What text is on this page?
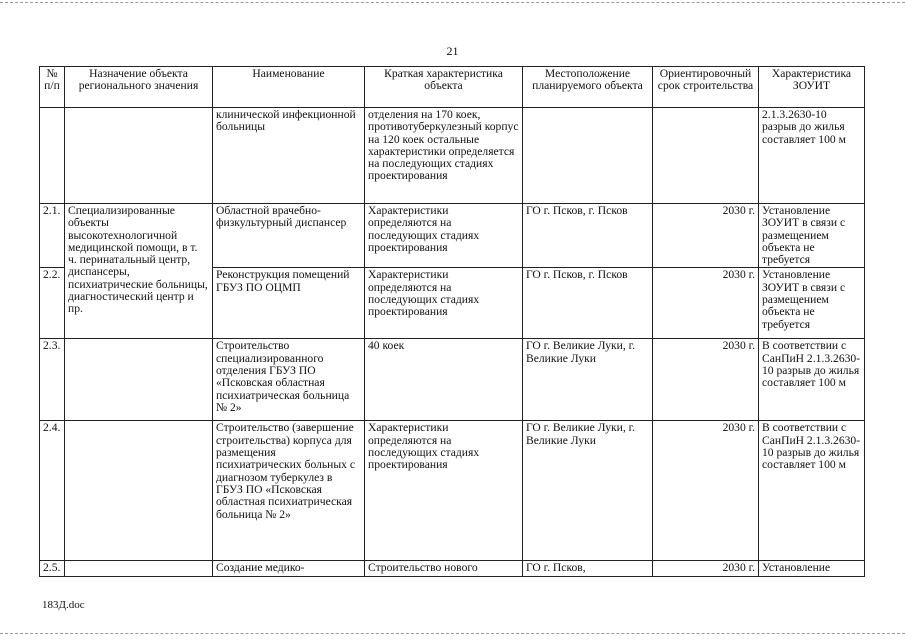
21
№ п/п	Назначение объекта регионального значения	Наименование	Краткая характеристика объекта	Местоположение планируемого объекта	Ориентировочный срок строительства	Характеристика ЗОУИТ
		клинической инфекционной больницы	отделения на 170 коек, противотуберкулезный корпус на 120 коек остальные характеристики определяется на последующих стадиях проектирования			2.1.3.2630-10 разрыв до жилья составляет 100 м
2.1.	Специализированные объекты высокотехнологичной медицинской помощи, в т. ч. перинатальный центр, диспансеры, психиатрические больницы, диагностический центр и пр.	Областной врачебно-физкультурный диспансер	Характеристики определяются на последующих стадиях проектирования	ГО г. Псков, г. Псков	2030 г.	Установление ЗОУИТ в связи с размещением объекта не требуется
2.2.		Реконструкция помещений ГБУЗ ПО ОЦМП	Характеристики определяются на последующих стадиях проектирования	ГО г. Псков, г. Псков	2030 г.	Установление ЗОУИТ в связи с размещением объекта не требуется
2.3.		Строительство специализированного отделения ГБУЗ ПО «Псковская областная психиатрическая больница № 2»	40 коек	ГО г. Великие Луки, г. Великие Луки	2030 г.	В соответствии с СанПиН 2.1.3.2630-10 разрыв до жилья составляет 100 м
2.4.		Строительство (завершение строительства) корпуса для размещения психиатрических больных с диагнозом туберкулез в ГБУЗ ПО «Псковская областная психиатрическая больница № 2»	Характеристики определяются на последующих стадиях проектирования	ГО г. Великие Луки, г. Великие Луки	2030 г.	В соответствии с СанПиН 2.1.3.2630-10 разрыв до жилья составляет 100 м
2.5.		Создание медико-	Строительство нового	ГО г. Псков,	2030 г.	Установление
183Д.doc
